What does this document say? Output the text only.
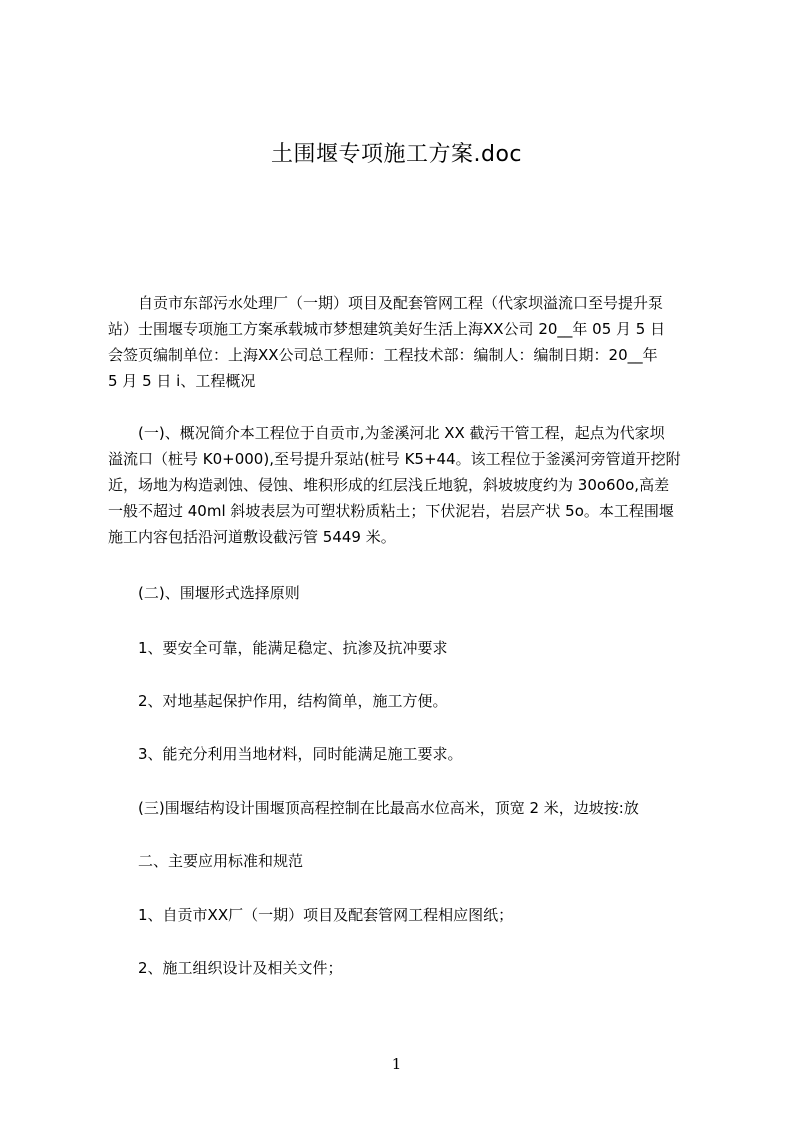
土围堰专项施工方案.doc
自贡市东部污水处理厂（一期）项目及配套管网工程（代家坝溢流口至号提升泵
站）士围堰专项施工方案承载城市梦想建筑美好生活上海XX公司 20__年 05 月 5 日
会签页编制单位：上海XX公司总工程师：工程技术部：编制人：编制日期：20__年
5 月 5 日 i、工程概况
(一)、概况简介本工程位于自贡市,为釜溪河北 XX 截污干管工程，起点为代家坝
溢流口（桩号 K0+000),至号提升泵站(桩号 K5+44。该工程位于釜溪河旁管道开挖附
近，场地为构造剥蚀、侵蚀、堆积形成的红层浅丘地貌，斜坡坡度约为 30o60o,高差
一般不超过 40ml 斜坡表层为可塑状粉质粘土；下伏泥岩，岩层产状 5o。本工程围堰
施工内容包括沿河道敷设截污管 5449 米。
(二)、围堰形式选择原则
1、要安全可靠，能满足稳定、抗渗及抗冲要求
2、对地基起保护作用，结构简单，施工方便。
3、能充分利用当地材料，同时能满足施工要求。
(三)围堰结构设计围堰顶高程控制在比最高水位高米，顶宽 2 米，边坡按:放
二、主要应用标准和规范
1、自贡市XX厂（一期）项目及配套管网工程相应图纸；
2、施工组织设计及相关文件；
1
